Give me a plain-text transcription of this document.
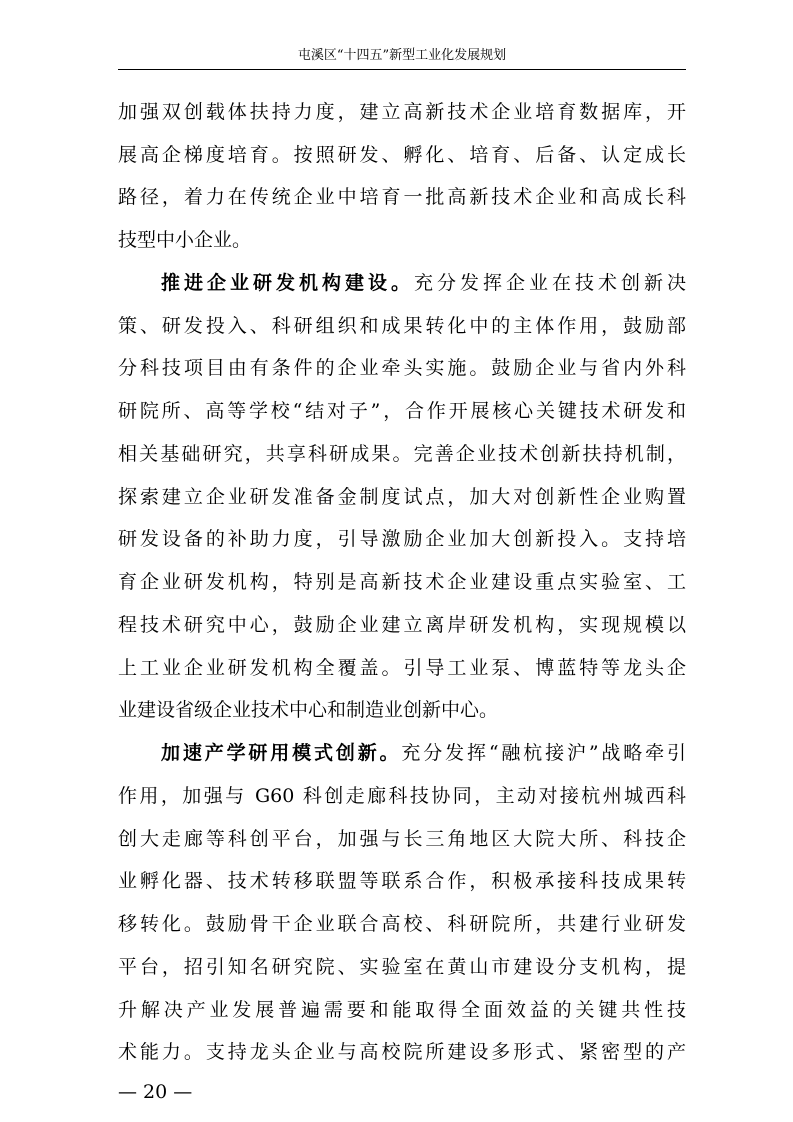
屯溪区“十四五”新型工业化发展规划
加强双创载体扶持力度，建立高新技术企业培育数据库，开
展高企梯度培育。按照研发、孵化、培育、后备、认定成长
路径，着力在传统企业中培育一批高新技术企业和高成长科
技型中小企业。
推进企业研发机构建设。充分发挥企业在技术创新决
策、研发投入、科研组织和成果转化中的主体作用，鼓励部
分科技项目由有条件的企业牵头实施。鼓励企业与省内外科
研院所、高等学校“结对子”，合作开展核心关键技术研发和
相关基础研究，共享科研成果。完善企业技术创新扶持机制，
探索建立企业研发准备金制度试点，加大对创新性企业购置
研发设备的补助力度，引导激励企业加大创新投入。支持培
育企业研发机构，特别是高新技术企业建设重点实验室、工
程技术研究中心，鼓励企业建立离岸研发机构，实现规模以
上工业企业研发机构全覆盖。引导工业泵、博蓝特等龙头企
业建设省级企业技术中心和制造业创新中心。
加速产学研用模式创新。充分发挥“融杭接沪”战略牵引
作用，加强与 G60 科创走廊科技协同，主动对接杭州城西科
创大走廊等科创平台，加强与长三角地区大院大所、科技企
业孵化器、技术转移联盟等联系合作，积极承接科技成果转
移转化。鼓励骨干企业联合高校、科研院所，共建行业研发
平台，招引知名研究院、实验室在黄山市建设分支机构，提
升解决产业发展普遍需要和能取得全面效益的关键共性技
术能力。支持龙头企业与高校院所建设多形式、紧密型的产
— 20 —
